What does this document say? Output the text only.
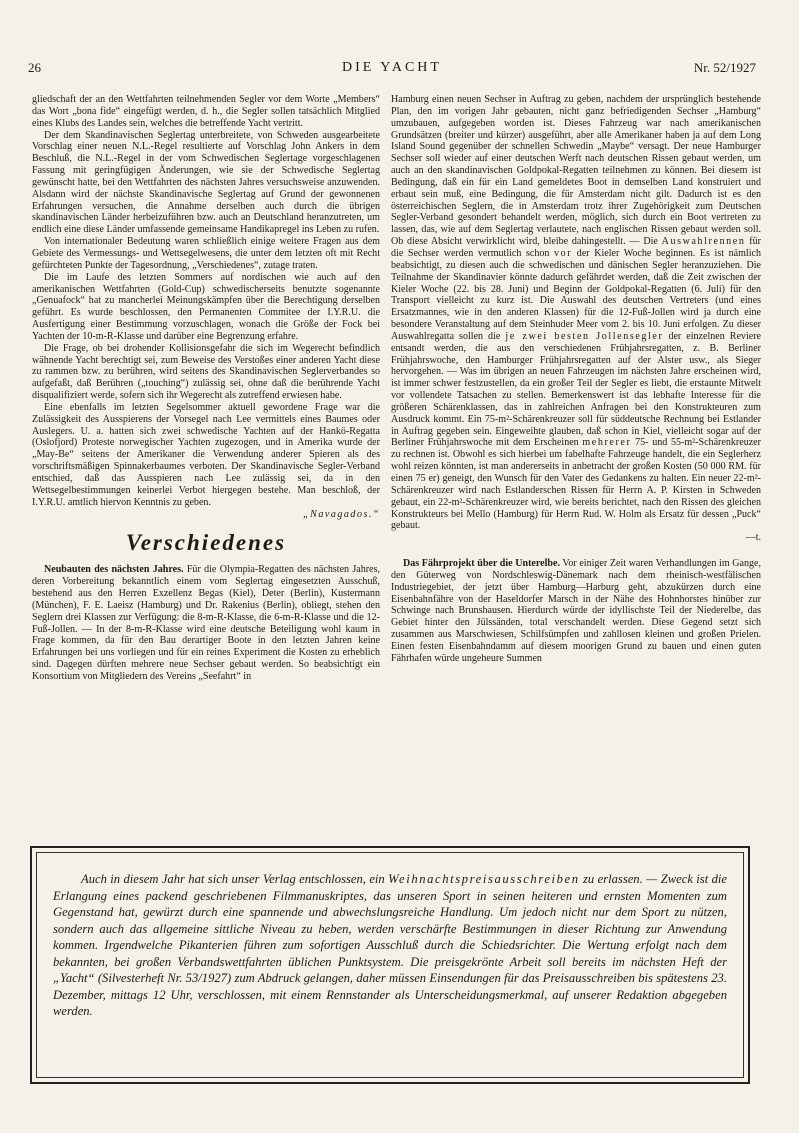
26	DIE YACHT	Nr. 52/1927

gliedschaft der an den Wettfahrten teilnehmenden Segler vor dem Worte „Members“ das Wort „bona fide“ eingefügt werden, d. h., die Segler sollen tatsächlich Mitglied eines Klubs des Landes sein, welches die betreffende Yacht vertritt.

Der dem Skandinavischen Seglertag unterbreitete, von Schweden ausgearbeitete Vorschlag einer neuen N.L.-Regel resultierte auf Vorschlag John Ankers in dem Beschluß, die N.L.-Regel in der vom Schwedischen Seglertage vorgeschlagenen Fassung mit geringfügigen Änderungen, wie sie der Schwedische Seglertag gewünscht hatte, bei den Wettfahrten des nächsten Jahres versuchsweise anzuwenden. Alsdann wird der nächste Skandinavische Seglertag auf Grund der gewonnenen Erfahrungen versuchen, die Annahme derselben auch durch die übrigen skandinavischen Länder herbeizuführen bzw. auch an Deutschland heranzutreten, um endlich eine diese Länder umfassende gemeinsame Handikapregel ins Leben zu rufen.

Von internationaler Bedeutung waren schließlich einige weitere Fragen aus dem Gebiete des Vermessungs- und Wettsegelwesens, die unter dem letzten oft mit Recht gefürchteten Punkte der Tagesordnung, „Verschiedenes“, zutage traten.

Die im Laufe des letzten Sommers auf nordischen wie auch auf den amerikanischen Wettfahrten (Gold-Cup) schwedischerseits benutzte sogenannte „Genuafock“ hat zu mancherlei Meinungskämpfen über die Berechtigung derselben geführt. Es wurde beschlossen, den Permanenten Commitee der I.Y.R.U. die Ausfertigung einer Bestimmung vorzuschlagen, wonach die Größe der Fock bei Yachten der 10-m-R-Klasse und darüber eine Begrenzung erfahre.

Die Frage, ob bei drohender Kollisionsgefahr die sich im Wegerecht befindlich wähnende Yacht berechtigt sei, zum Beweise des Verstoßes einer anderen Yacht diese zu rammen bzw. zu berühren, wird seitens des Skandinavischen Seglerverbandes so aufgefaßt, daß Berühren („touching“) zulässig sei, ohne daß die berührende Yacht disqualifiziert werde, sofern sich ihr Wegerecht als zutreffend erwiesen habe.

Eine ebenfalls im letzten Segelsommer aktuell gewordene Frage war die Zulässigkeit des Ausspierens der Vorsegel nach Lee vermittels eines Baumes oder Auslegers. U. a. hatten sich zwei schwedische Yachten auf der Hankö-Regatta (Oslofjord) Proteste norwegischer Yachten zugezogen, und in Amerika wurde der „May-Be“ seitens der Amerikaner die Verwendung anderer Spieren als des vorschriftsmäßigen Spinnakerbaumes verboten. Der Skandinavische Segler-Verband entschied, daß das Ausspieren nach Lee zulässig sei, da in den Wettsegelbestimmungen keinerlei Verbot hiergegen bestehe. Man beschloß, der I.Y.R.U. amtlich hiervon Kenntnis zu geben.

„Navagados.“

Verschiedenes

Neubauten des nächsten Jahres. Für die Olympia-Regatten des nächsten Jahres, deren Vorbereitung bekanntlich einem vom Seglertag eingesetzten Ausschuß, bestehend aus den Herren Exzellenz Begas (Kiel), Deter (Berlin), Kustermann (München), F. E. Laeisz (Hamburg) und Dr. Rakenius (Berlin), obliegt, stehen den Seglern drei Klassen zur Verfügung: die 8-m-R-Klasse, die 6-m-R-Klasse und die 12-Fuß-Jollen. — In der 8-m-R-Klasse wird eine deutsche Beteiligung wohl kaum in Frage kommen, da für den Bau derartiger Boote in den letzten Jahren keine Erfahrungen bei uns vorliegen und für ein reines Experiment die Kosten zu erheblich sind. Dagegen dürften mehrere neue Sechser gebaut werden. So beabsichtigt ein Konsortium von Mitgliedern des Vereins „Seefahrt“ in

Hamburg einen neuen Sechser in Auftrag zu geben, nachdem der ursprünglich bestehende Plan, den im vorigen Jahr gebauten, nicht ganz befriedigenden Sechser „Hamburg“ umzubauen, aufgegeben worden ist. Dieses Fahrzeug war nach amerikanischen Grundsätzen (breiter und kürzer) ausgeführt, aber alle Amerikaner haben ja auf dem Long Island Sound gegenüber der schnellen Schwedin „Maybe“ versagt. Der neue Hamburger Sechser soll wieder auf einer deutschen Werft nach deutschen Rissen gebaut werden, um auch an den skandinavischen Goldpokal-Regatten teilnehmen zu können. Bei diesem ist Bedingung, daß ein für ein Land gemeldetes Boot in demselben Land konstruiert und erbaut sein muß, eine Bedingung, die für Amsterdam nicht gilt. Dadurch ist es den österreichischen Seglern, die in Amsterdam trotz ihrer Zugehörigkeit zum Deutschen Segler-Verband gesondert behandelt werden, möglich, sich durch ein Boot vertreten zu lassen, das, wie auf dem Seglertag verlautete, nach englischen Rissen gebaut werden soll. Ob diese Absicht verwirklicht wird, bleibe dahingestellt. — Die Auswahlrennen für die Sechser werden vermutlich schon vor der Kieler Woche beginnen. Es ist nämlich beabsichtigt, zu diesen auch die schwedischen und dänischen Segler heranzuziehen. Die Teilnahme der Skandinavier könnte dadurch gefährdet werden, daß die Zeit zwischen der Kieler Woche (22. bis 28. Juni) und Beginn der Goldpokal-Regatten (6. Juli) für den Transport vielleicht zu kurz ist. Die Auswahl des deutschen Vertreters (und eines Ersatzmannes, wie in den anderen Klassen) für die 12-Fuß-Jollen wird ja durch eine besondere Veranstaltung auf dem Steinhuder Meer vom 2. bis 10. Juni erfolgen. Zu dieser Auswahlregatta sollen die je zwei besten Jollensegler der einzelnen Reviere entsandt werden, die aus den verschiedenen Frühjahrsregatten, z. B. Berliner Frühjahrswoche, den Hamburger Frühjahrsregatten auf der Alster usw., als Sieger hervorgehen. — Was im übrigen an neuen Fahrzeugen im nächsten Jahre erscheinen wird, ist immer schwer festzustellen, da ein großer Teil der Segler es liebt, die erstaunte Mitwelt vor vollendete Tatsachen zu stellen. Bemerkenswert ist das lebhafte Interesse für die größeren Schärenklassen, das in zahlreichen Anfragen bei den Konstrukteuren zum Ausdruck kommt. Ein 75-m²-Schärenkreuzer soll für süddeutsche Rechnung bei Estlander in Auftrag gegeben sein. Eingeweihte glauben, daß schon in Kiel, vielleicht sogar auf der Berliner Frühjahrswoche mit dem Erscheinen mehrerer 75- und 55-m²-Schärenkreuzer zu rechnen ist. Obwohl es sich hierbei um fabelhafte Fahrzeuge handelt, die ein Seglerherz wohl reizen könnten, ist man andererseits in anbetracht der großen Kosten (50 000 RM. für einen 75 er) geneigt, den Wunsch für den Vater des Gedankens zu halten. Ein neuer 22-m²-Schärenkreuzer wird nach Estlanderschen Rissen für Herrn A. P. Kirsten in Schweden gebaut, ein 22-m²-Schärenkreuzer wird, wie bereits berichtet, nach den Rissen des gleichen Konstrukteurs bei Mello (Hamburg) für Herrn Rud. W. Holm als Ersatz für dessen „Puck“ gebaut.

—t.

Das Fährprojekt über die Unterelbe. Vor einiger Zeit waren Verhandlungen im Gange, den Güterweg von Nordschleswig-Dänemark nach dem rheinisch-westfälischen Industriegebiet, der jetzt über Hamburg—Harburg geht, abzukürzen durch eine Eisenbahnfähre von der Haseldorfer Marsch in der Nähe des Hohnhorstes hinüber zur Schwinge nach Brunshausen. Hierdurch würde der idyllischste Teil der Niederelbe, das Gebiet hinter den Jülssänden, total verschandelt werden. Diese Gegend setzt sich zusammen aus Marschwiesen, Schilfsümpfen und zahllosen kleinen und großen Prielen. Einen festen Eisenbahndamm auf diesem moorigen Grund zu bauen und einen guten Fährhafen würde ungeheure Summen

Auch in diesem Jahr hat sich unser Verlag entschlossen, ein Weihnachtspreisausschreiben zu erlassen. — Zweck ist die Erlangung eines packend geschriebenen Filmmanuskriptes, das unseren Sport in seinen heiteren und ernsten Momenten zum Gegenstand hat, gewürzt durch eine spannende und abwechslungsreiche Handlung. Um jedoch nicht nur dem Sport zu nützen, sondern auch das allgemeine sittliche Niveau zu heben, werden verschärfte Bestimmungen in dieser Richtung zur Anwendung kommen. Irgendwelche Pikanterien führen zum sofortigen Ausschluß durch die Schiedsrichter. Die Wertung erfolgt nach dem bekannten, bei großen Verbandswettfahrten üblichen Punktsystem. Die preisgekrönte Arbeit soll bereits im nächsten Heft der „Yacht“ (Silvesterheft Nr. 53/1927) zum Abdruck gelangen, daher müssen Einsendungen für das Preisausschreiben bis spätestens 23. Dezember, mittags 12 Uhr, verschlossen, mit einem Rennstander als Unterscheidungsmerkmal, auf unserer Redaktion abgegeben werden.
